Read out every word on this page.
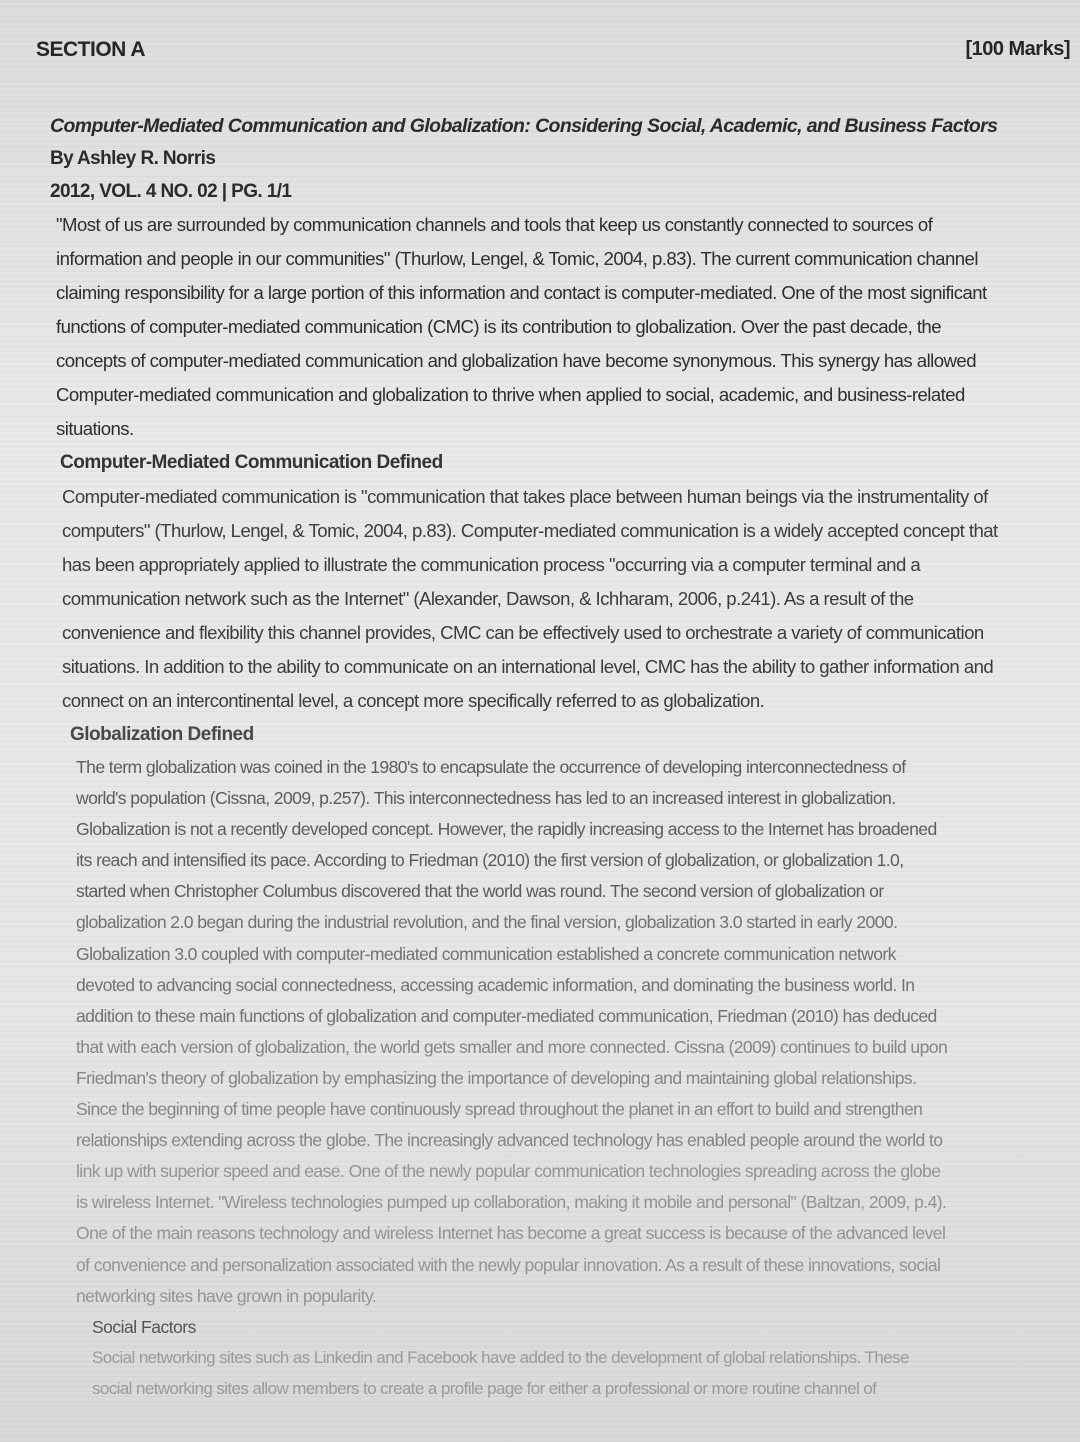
SECTION A	[100 Marks]
Computer-Mediated Communication and Globalization: Considering Social, Academic, and Business Factors
By Ashley R. Norris
2012, VOL. 4 NO. 02 | PG. 1/1

"Most of us are surrounded by communication channels and tools that keep us constantly connected to sources of
information and people in our communities" (Thurlow, Lengel, & Tomic, 2004, p.83). The current communication channel
claiming responsibility for a large portion of this information and contact is computer-mediated. One of the most significant
functions of computer-mediated communication (CMC) is its contribution to globalization. Over the past decade, the
concepts of computer-mediated communication and globalization have become synonymous. This synergy has allowed
Computer-mediated communication and globalization to thrive when applied to social, academic, and business-related
situations.

Computer-Mediated Communication Defined

Computer-mediated communication is "communication that takes place between human beings via the instrumentality of
computers" (Thurlow, Lengel, & Tomic, 2004, p.83). Computer-mediated communication is a widely accepted concept that
has been appropriately applied to illustrate the communication process "occurring via a computer terminal and a
communication network such as the Internet" (Alexander, Dawson, & Ichharam, 2006, p.241). As a result of the
convenience and flexibility this channel provides, CMC can be effectively used to orchestrate a variety of communication
situations. In addition to the ability to communicate on an international level, CMC has the ability to gather information and
connect on an intercontinental level, a concept more specifically referred to as globalization.

Globalization Defined

The term globalization was coined in the 1980's to encapsulate the occurrence of developing interconnectedness of
world's population (Cissna, 2009, p.257). This interconnectedness has led to an increased interest in globalization.
Globalization is not a recently developed concept. However, the rapidly increasing access to the Internet has broadened
its reach and intensified its pace. According to Friedman (2010) the first version of globalization, or globalization 1.0,
started when Christopher Columbus discovered that the world was round. The second version of globalization or
globalization 2.0 began during the industrial revolution, and the final version, globalization 3.0 started in early 2000.
Globalization 3.0 coupled with computer-mediated communication established a concrete communication network
devoted to advancing social connectedness, accessing academic information, and dominating the business world. In
addition to these main functions of globalization and computer-mediated communication, Friedman (2010) has deduced
that with each version of globalization, the world gets smaller and more connected. Cissna (2009) continues to build upon
Friedman's theory of globalization by emphasizing the importance of developing and maintaining global relationships.
Since the beginning of time people have continuously spread throughout the planet in an effort to build and strengthen
relationships extending across the globe. The increasingly advanced technology has enabled people around the world to
link up with superior speed and ease. One of the newly popular communication technologies spreading across the globe
is wireless Internet. "Wireless technologies pumped up collaboration, making it mobile and personal" (Baltzan, 2009, p.4).
One of the main reasons technology and wireless Internet has become a great success is because of the advanced level
of convenience and personalization associated with the newly popular innovation. As a result of these innovations, social
networking sites have grown in popularity.

Social Factors

Social networking sites such as Linkedin and Facebook have added to the development of global relationships. These
social networking sites allow members to create a profile page for either a professional or more routine channel of
